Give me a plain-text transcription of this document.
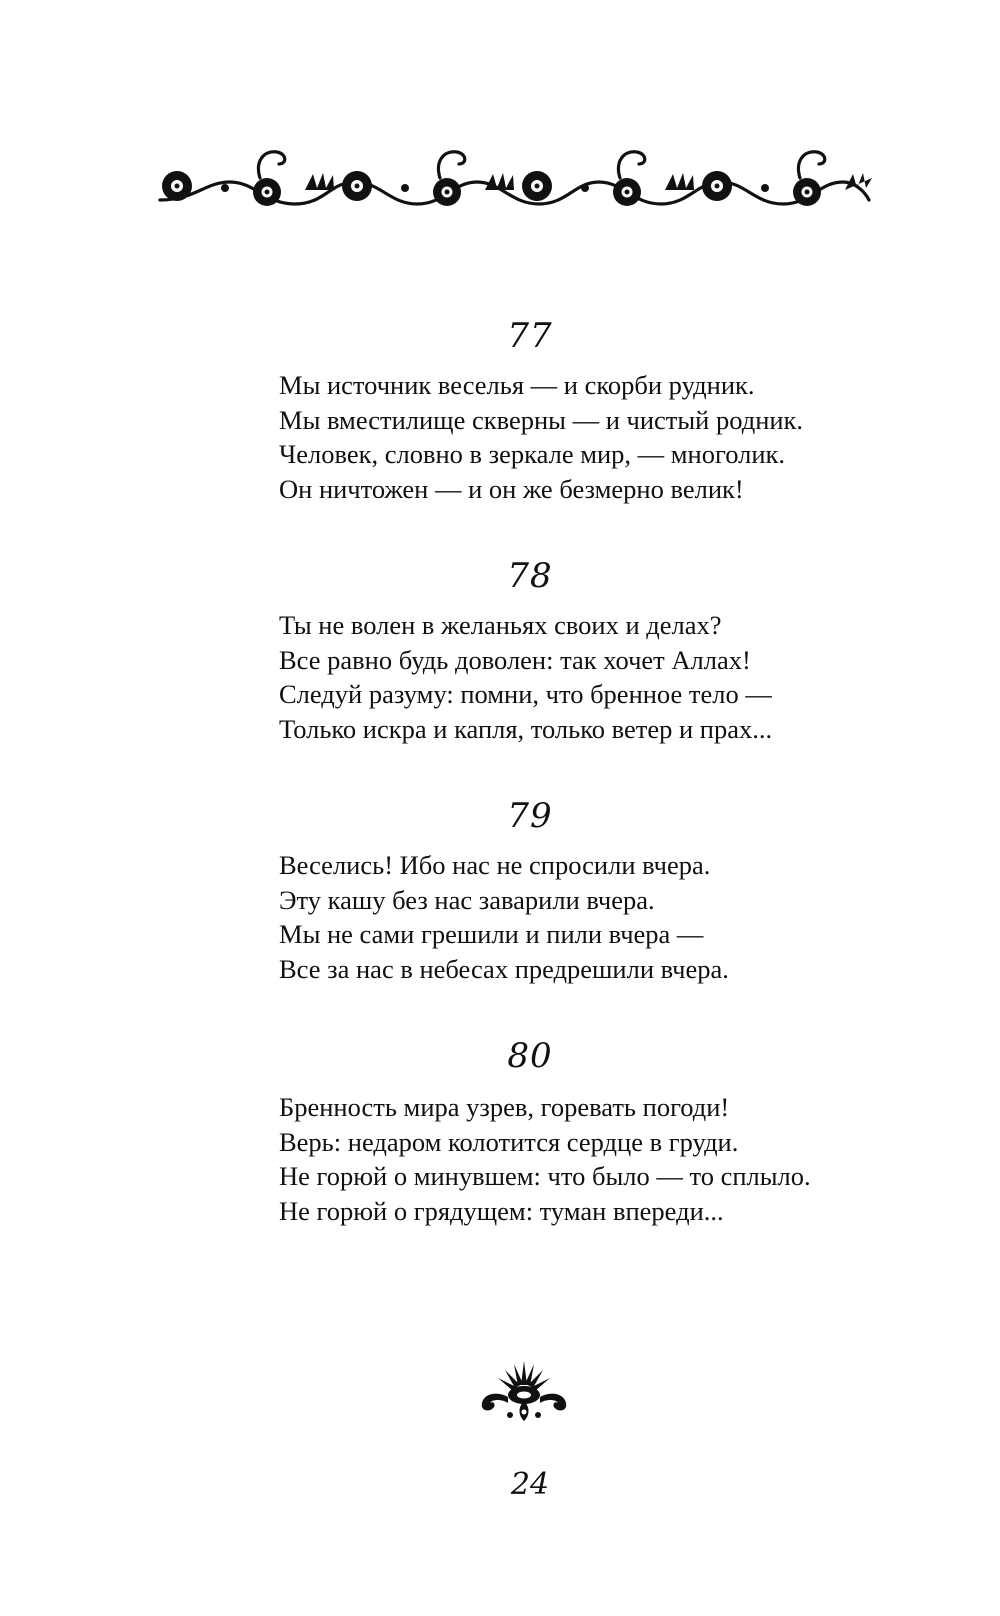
77
Мы источник веселья — и скорби рудник.
Мы вместилище скверны — и чистый родник.
Человек, словно в зеркале мир, — многолик.
Он ничтожен — и он же безмерно велик!
78
Ты не волен в желаньях своих и делах?
Все равно будь доволен: так хочет Аллах!
Следуй разуму: помни, что бренное тело —
Только искра и капля, только ветер и прах...
79
Веселись! Ибо нас не спросили вчера.
Эту кашу без нас заварили вчера.
Мы не сами грешили и пили вчера —
Все за нас в небесах предрешили вчера.
80
Бренность мира узрев, горевать погоди!
Верь: недаром колотится сердце в груди.
Не горюй о минувшем: что было — то сплыло.
Не горюй о грядущем: туман впереди...
24
